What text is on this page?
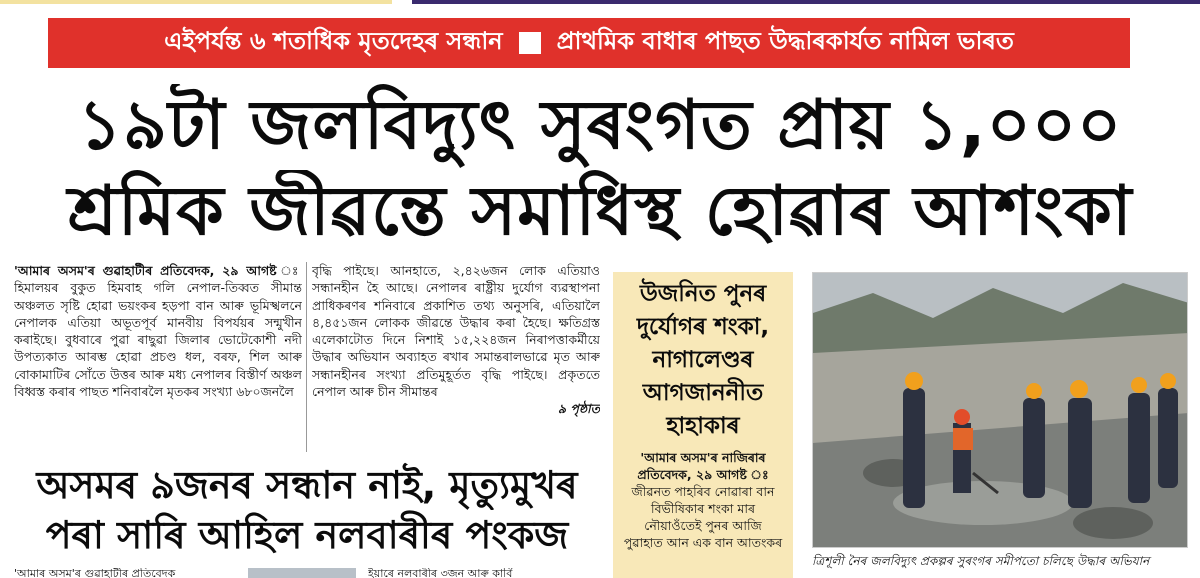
এইপৰ্যন্ত ৬ শতাধিক মৃতদেহৰ সন্ধান প্ৰাথমিক বাধাৰ পাছত উদ্ধাৰকাৰ্যত নামিল ভাৰত
১৯টা জলবিদ্যুৎ সুৰংগত প্ৰায় ১,০০০
শ্ৰমিক জীৱন্তে সমাধিস্থ হোৱাৰ আশংকা
'আমাৰ অসম'ৰ গুৱাহাটীৰ প্ৰতিবেদক, ২৯ আগষ্ট হিমালয়ৰ বুকুত হিমবাহ গলি নেপাল-তিব্বত সীমান্ত অঞ্চলত সৃষ্টি হোৱা ভয়ংকৰ হড়পা বান আৰু ভূমিস্খলনে নেপালক এতিয়া অভূতপূৰ্ব মানবীয় বিপৰ্যয়ৰ সন্মুখীন কৰাইছে। বুধবাৰে পুৱা ৰাছুৱা জিলাৰ ভোটেকোশী নদী উপত্যকাত আৰম্ভ হোৱা প্ৰচণ্ড ধল, বৰফ, শিল আৰু বোকামাটিৰ সোঁতে উত্তৰ আৰু মধ্য নেপালৰ বিস্তীৰ্ণ অঞ্চল বিধ্বস্ত কৰাৰ পাছত শনিবাৰলৈ মৃতকৰ সংখ্যা ৬৮০জনলৈ
বৃদ্ধি পাইছে। আনহাতে, ২,৪২৬জন লোক এতিয়াও সন্ধানহীন হৈ আছে। নেপালৰ ৰাষ্ট্ৰীয় দুৰ্যোগ ব্যৱস্থাপনা প্ৰাধিকৰণৰ শনিবাৰে প্ৰকাশিত তথ্য অনুসৰি, এতিয়ালৈ ৪,৪৫১জন লোকক জীৱন্তে উদ্ধাৰ কৰা হৈছে। ক্ষতিগ্ৰস্ত এলেকাটোত দিনে নিশাই ১৫,২২৪জন নিৰাপত্তাকৰ্মীয়ে উদ্ধাৰ অভিযান অব্যাহত ৰখাৰ সমান্তৰালভাৱে মৃত আৰু সন্ধানহীনৰ সংখ্যা প্ৰতিমুহূৰ্তত বৃদ্ধি পাইছে। প্ৰকৃততে নেপাল আৰু চীন সীমান্তৰ
৯ পৃষ্ঠাত
অসমৰ ৯জনৰ সন্ধান নাই, মৃত্যুমুখৰ
পৰা সাৰি আহিল নলবাৰীৰ পংকজ
'আমাৰ অসম'ৰ গুৱাহাটীৰ প্ৰতিবেদক	ইয়াৰে নলবাৰীৰ ৩জন আৰু কাৰ্বি
উজনিত পুনৰ দুৰ্যোগৰ শংকা, নাগালেণ্ডৰ আগজাননীত হাহাকাৰ
'আমাৰ অসম'ৰ নাজিৰাৰ প্ৰতিবেদক, ২৯ আগষ্ট ঃ জীৱনত পাহৰিব নোৱাৰা বান বিভীষিকাৰ শংকা মাৰ নৌয়াওঁতেই পুনৰ আজি পুৱাহাত আন এক বান আতংকৰ
ত্ৰিশূলী নৈৰ জলবিদ্যুৎ প্ৰকল্পৰ সুৰংগৰ সমীপতো চলিছে উদ্ধাৰ অভিযান
